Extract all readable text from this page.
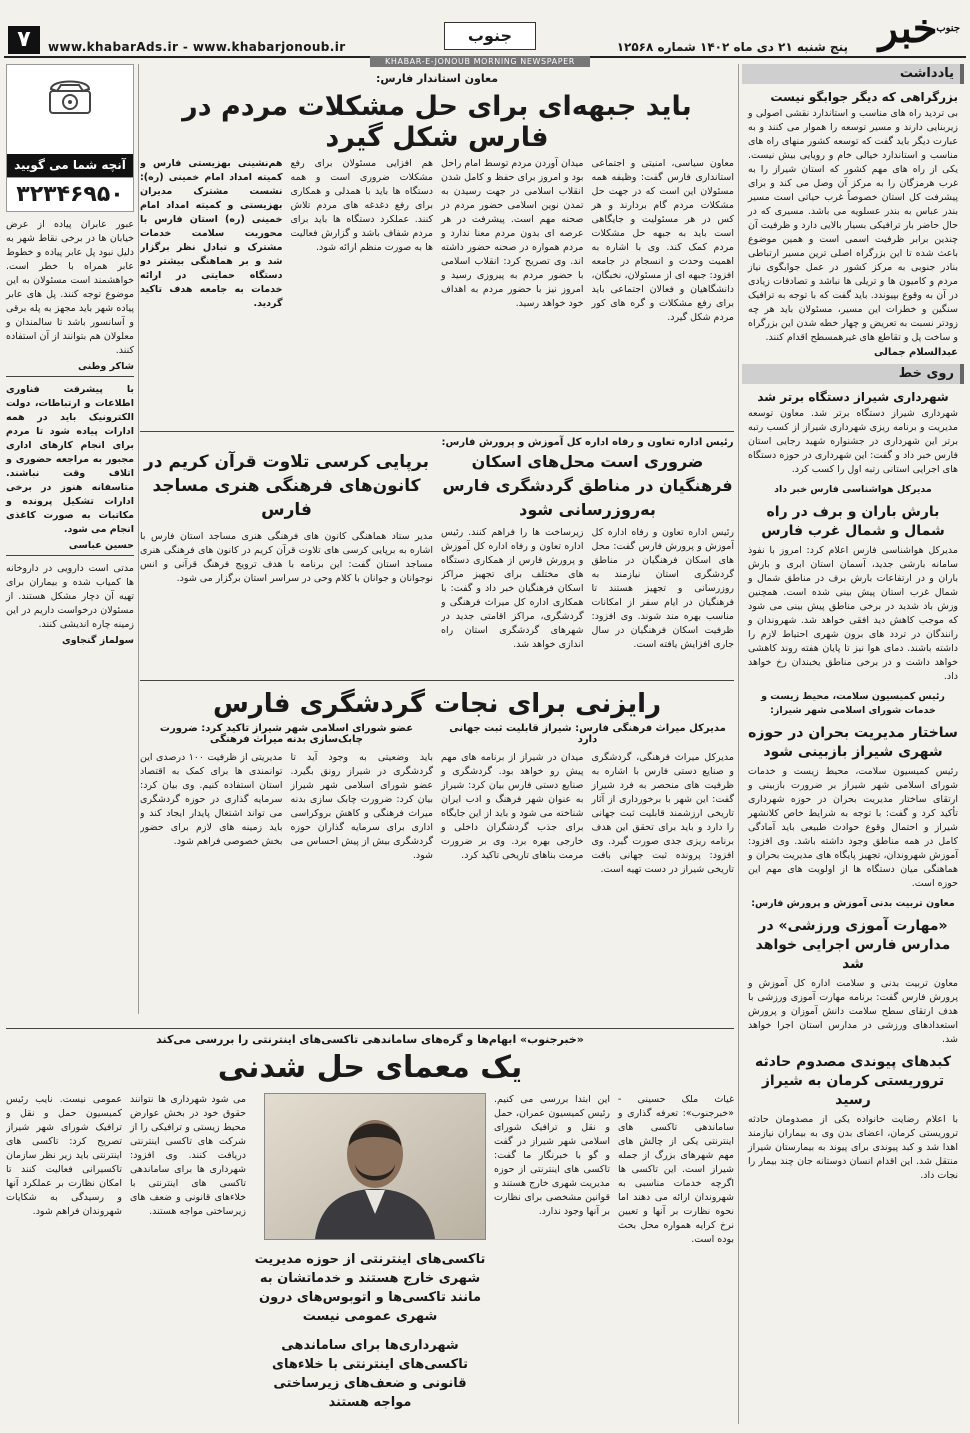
خبر
جنوب
پنج شنبه ۲۱ دی ماه ۱۴۰۲ شماره ۱۲۵۶۸
جنوب
www.khabarAds.ir - www.khabarjonoub.ir
۷
KHABAR-E-JONOUB MORNING NEWSPAPER
یادداشت
بزرگراهی که دیگر جوابگو نیست
بی تردید راه های مناسب و استاندارد نقشی اصولی و زیربنایی دارند و مسیر توسعه را هموار می کنند و به عبارت دیگر باید گفت که توسعه کشور منهای راه های مناسب و استاندارد خیالی خام و رویایی بیش نیست. یکی از راه های مهم کشور که استان شیراز را به غرب هرمزگان را به مرکز آن وصل می کند و برای پیشرفت کل استان خصوصاً غرب حیاتی است مسیر بندر عباس به بندر عسلویه می باشد. مسیری که در حال حاضر بار ترافیکی بسیار بالایی دارد و ظرفیت آن چندین برابر ظرفیت اسمی است و همین موضوع باعث شده تا این بزرگراه اصلی ترین مسیر ارتباطی بنادر جنوبی به مرکز کشور در عمل جوابگوی نیاز مردم و کامیون ها و تریلی ها نباشد و تصادفات زیادی در آن به وقوع بپیوندد. باید گفت که با توجه به ترافیک سنگین و خطرات این مسیر، مسئولان باید هر چه زودتر نسبت به تعریض و چهار خطه شدن این بزرگراه و ساخت پل و تقاطع های غیرهمسطح اقدام کنند.
عبدالسلام جمالی
روی خط
شهرداری شیراز دستگاه برتر شد
شهرداری شیراز دستگاه برتر شد. معاون توسعه مدیریت و برنامه ریزی شهرداری شیراز از کسب رتبه برتر این شهرداری در جشنواره شهید رجایی استان فارس خبر داد و گفت: این شهرداری در حوزه دستگاه های اجرایی استانی رتبه اول را کسب کرد.
مدیرکل هواشناسی فارس خبر داد
بارش باران و برف در راه شمال و شمال غرب فارس
مدیرکل هواشناسی فارس اعلام کرد: امروز با نفوذ سامانه بارشی جدید، آسمان استان ابری و بارش باران و در ارتفاعات بارش برف در مناطق شمال و شمال غرب استان پیش بینی شده است. همچنین وزش باد شدید در برخی مناطق پیش بینی می شود که موجب کاهش دید افقی خواهد شد. شهروندان و رانندگان در تردد های برون شهری احتیاط لازم را داشته باشند. دمای هوا نیز تا پایان هفته روند کاهشی خواهد داشت و در برخی مناطق یخبندان رخ خواهد داد.
رئیس کمیسیون سلامت، محیط زیست و خدمات شورای اسلامی شهر شیراز:
ساختار مدیریت بحران در حوزه شهری شیراز بازبینی شود
رئیس کمیسیون سلامت، محیط زیست و خدمات شورای اسلامی شهر شیراز بر ضرورت بازبینی و ارتقای ساختار مدیریت بحران در حوزه شهرداری تأکید کرد و گفت: با توجه به شرایط خاص کلانشهر شیراز و احتمال وقوع حوادث طبیعی باید آمادگی کامل در همه مناطق وجود داشته باشد. وی افزود: آموزش شهروندان، تجهیز پایگاه های مدیریت بحران و هماهنگی میان دستگاه ها از اولویت های مهم این حوزه است.
معاون تربیت بدنی آموزش و پرورش فارس:
«مهارت آموزی ورزشی» در مدارس فارس اجرایی خواهد شد
معاون تربیت بدنی و سلامت اداره کل آموزش و پرورش فارس گفت: برنامه مهارت آموزی ورزشی با هدف ارتقای سطح سلامت دانش آموزان و پرورش استعدادهای ورزشی در مدارس استان اجرا خواهد شد.
کبدهای پیوندی مصدوم حادثه تروریستی کرمان به شیراز رسید
با اعلام رضایت خانواده یکی از مصدومان حادثه تروریستی کرمان، اعضای بدن وی به بیماران نیازمند اهدا شد و کبد پیوندی برای پیوند به بیمارستان شیراز منتقل شد. این اقدام انسان دوستانه جان چند بیمار را نجات داد.
آنچه شما می گویید
۳۲۳۴۶۹۵۰
عبور عابران پیاده از عرض خیابان ها در برخی نقاط شهر به دلیل نبود پل عابر پیاده و خطوط عابر همراه با خطر است. خواهشمند است مسئولان به این موضوع توجه کنند. پل های عابر پیاده شهر باید مجهز به پله برقی و آسانسور باشد تا سالمندان و معلولان هم بتوانند از آن استفاده کنند.
شاکر وطنی
با پیشرفت فناوری اطلاعات و ارتباطات، دولت الکترونیک باید در همه ادارات پیاده شود تا مردم برای انجام کارهای اداری مجبور به مراجعه حضوری و اتلاف وقت نباشند. متاسفانه هنوز در برخی ادارات تشکیل پرونده و مکاتبات به صورت کاغذی انجام می شود.
حسین عباسی
مدتی است دارویی در داروخانه ها کمیاب شده و بیماران برای تهیه آن دچار مشکل هستند. از مسئولان درخواست داریم در این زمینه چاره اندیشی کنند.
سولماز گنجاوی
معاون استاندار فارس:
باید جبهه‌ای برای حل مشکلات مردم در فارس شکل گیرد
معاون سیاسی، امنیتی و اجتماعی استانداری فارس گفت: وظیفه همه مسئولان این است که در جهت حل مشکلات مردم گام بردارند و هر کس در هر مسئولیت و جایگاهی است باید به جبهه حل مشکلات مردم کمک کند. وی با اشاره به اهمیت وحدت و انسجام در جامعه افزود: جبهه ای از مسئولان، نخبگان، دانشگاهیان و فعالان اجتماعی باید برای رفع مشکلات و گره های کور مردم شکل گیرد.
میدان آوردن مردم توسط امام راحل بود و امروز برای حفظ و کامل شدن انقلاب اسلامی در جهت رسیدن به تمدن نوین اسلامی حضور مردم در صحنه مهم است. پیشرفت در هر عرصه ای بدون مردم معنا ندارد و مردم همواره در صحنه حضور داشته اند. وی تصریح کرد: انقلاب اسلامی با حضور مردم به پیروزی رسید و امروز نیز با حضور مردم به اهداف خود خواهد رسید.
هم افزایی مسئولان برای رفع مشکلات ضروری است و همه دستگاه ها باید با همدلی و همکاری برای رفع دغدغه های مردم تلاش کنند. عملکرد دستگاه ها باید برای مردم شفاف باشد و گزارش فعالیت ها به صورت منظم ارائه شود.
هم‌نشینی بهزیستی فارس و کمیته امداد امام خمینی (ره): نشست مشترک مدیران بهزیستی و کمیته امداد امام خمینی (ره) استان فارس با محوریت سلامت خدمات مشترک و تبادل نظر برگزار شد و بر هماهنگی بیشتر دو دستگاه حمایتی در ارائه خدمات به جامعه هدف تاکید گردید.
رئیس اداره تعاون و رفاه اداره کل آموزش و پرورش فارس:
ضروری است محل‌های اسکان فرهنگیان در مناطق گردشگری فارس به‌روزرسانی شود
رئیس اداره تعاون و رفاه اداره کل آموزش و پرورش فارس گفت: محل های اسکان فرهنگیان در مناطق گردشگری استان نیازمند به روزرسانی و تجهیز هستند تا فرهنگیان در ایام سفر از امکانات مناسب بهره مند شوند. وی افزود: ظرفیت اسکان فرهنگیان در سال جاری افزایش یافته است.
زیرساخت ها را فراهم کنند. رئیس اداره تعاون و رفاه اداره کل آموزش و پرورش فارس از همکاری دستگاه های مختلف برای تجهیز مراکز اسکان فرهنگیان خبر داد و گفت: با همکاری اداره کل میراث فرهنگی و گردشگری، مراکز اقامتی جدید در شهرهای گردشگری استان راه اندازی خواهد شد.
برپایی کرسی تلاوت قرآن کریم در کانون‌های فرهنگی هنری مساجد فارس
مدیر ستاد هماهنگی کانون های فرهنگی هنری مساجد استان فارس با اشاره به برپایی کرسی های تلاوت قرآن کریم در کانون های فرهنگی هنری مساجد استان گفت: این برنامه با هدف ترویج فرهنگ قرآنی و انس نوجوانان و جوانان با کلام وحی در سراسر استان برگزار می شود.
رایزنی برای نجات گردشگری فارس
مدیرکل میراث فرهنگی فارس: شیراز قابلیت ثبت جهانی دارد
عضو شورای اسلامی شهر شیراز تاکید کرد: ضرورت چابک‌سازی بدنه میراث فرهنگی
مدیرکل میراث فرهنگی، گردشگری و صنایع دستی فارس با اشاره به ظرفیت های منحصر به فرد شیراز گفت: این شهر با برخورداری از آثار تاریخی ارزشمند قابلیت ثبت جهانی را دارد و باید برای تحقق این هدف برنامه ریزی جدی صورت گیرد. وی افزود: پرونده ثبت جهانی بافت تاریخی شیراز در دست تهیه است.
میدان در شیراز از برنامه های مهم پیش رو خواهد بود. گردشگری و صنایع دستی فارس بیان کرد: شیراز به عنوان شهر فرهنگ و ادب ایران شناخته می شود و باید از این جایگاه برای جذب گردشگران داخلی و خارجی بهره برد. وی بر ضرورت مرمت بناهای تاریخی تاکید کرد.
باید وضعیتی به وجود آید تا گردشگری در شیراز رونق بگیرد. عضو شورای اسلامی شهر شیراز بیان کرد: ضرورت چابک سازی بدنه میراث فرهنگی و کاهش بروکراسی اداری برای سرمایه گذاران حوزه گردشگری بیش از پیش احساس می شود.
مدیریتی از ظرفیت ۱۰۰ درصدی این توانمندی ها برای کمک به اقتصاد استان استفاده کنیم. وی بیان کرد: سرمایه گذاری در حوزه گردشگری می تواند اشتغال پایدار ایجاد کند و باید زمینه های لازم برای حضور بخش خصوصی فراهم شود.
«خبرجنوب» ابهام‌ها و گره‌های ساماندهی تاکسی‌های اینترنتی را بررسی می‌کند
یک معمای حل شدنی
غیاث ملک حسینی - «خبرجنوب»: تعرفه گذاری و ساماندهی تاکسی های اینترنتی یکی از چالش های مهم شهرهای بزرگ از جمله شیراز است. این تاکسی ها اگرچه خدمات مناسبی به شهروندان ارائه می دهند اما نحوه نظارت بر آنها و تعیین نرخ کرایه همواره محل بحث بوده است.
این ابتدا بررسی می کنیم. رئیس کمیسیون عمران، حمل و نقل و ترافیک شورای اسلامی شهر شیراز در گفت و گو با خبرنگار ما گفت: تاکسی های اینترنتی از حوزه مدیریت شهری خارج هستند و قوانین مشخصی برای نظارت بر آنها وجود ندارد.
تاکسی‌های اینترنتی از حوزه مدیریت شهری خارج هستند و خدماتشان به مانند تاکسی‌ها و اتوبوس‌های درون شهری عمومی نیست
شهرداری‌ها برای ساماندهی تاکسی‌های اینترنتی با خلاء‌های قانونی و ضعف‌های زیرساختی مواجه هستند
می شود شهرداری ها نتوانند حقوق خود در بخش عوارض محیط زیستی و ترافیکی را از شرکت های تاکسی اینترنتی دریافت کنند. وی افزود: شهرداری ها برای ساماندهی تاکسی های اینترنتی با خلاءهای قانونی و ضعف های زیرساختی مواجه هستند.
عمومی نیست. نایب رئیس کمیسیون حمل و نقل و ترافیک شورای شهر شیراز تصریح کرد: تاکسی های اینترنتی باید زیر نظر سازمان تاکسیرانی فعالیت کنند تا امکان نظارت بر عملکرد آنها و رسیدگی به شکایات شهروندان فراهم شود.
